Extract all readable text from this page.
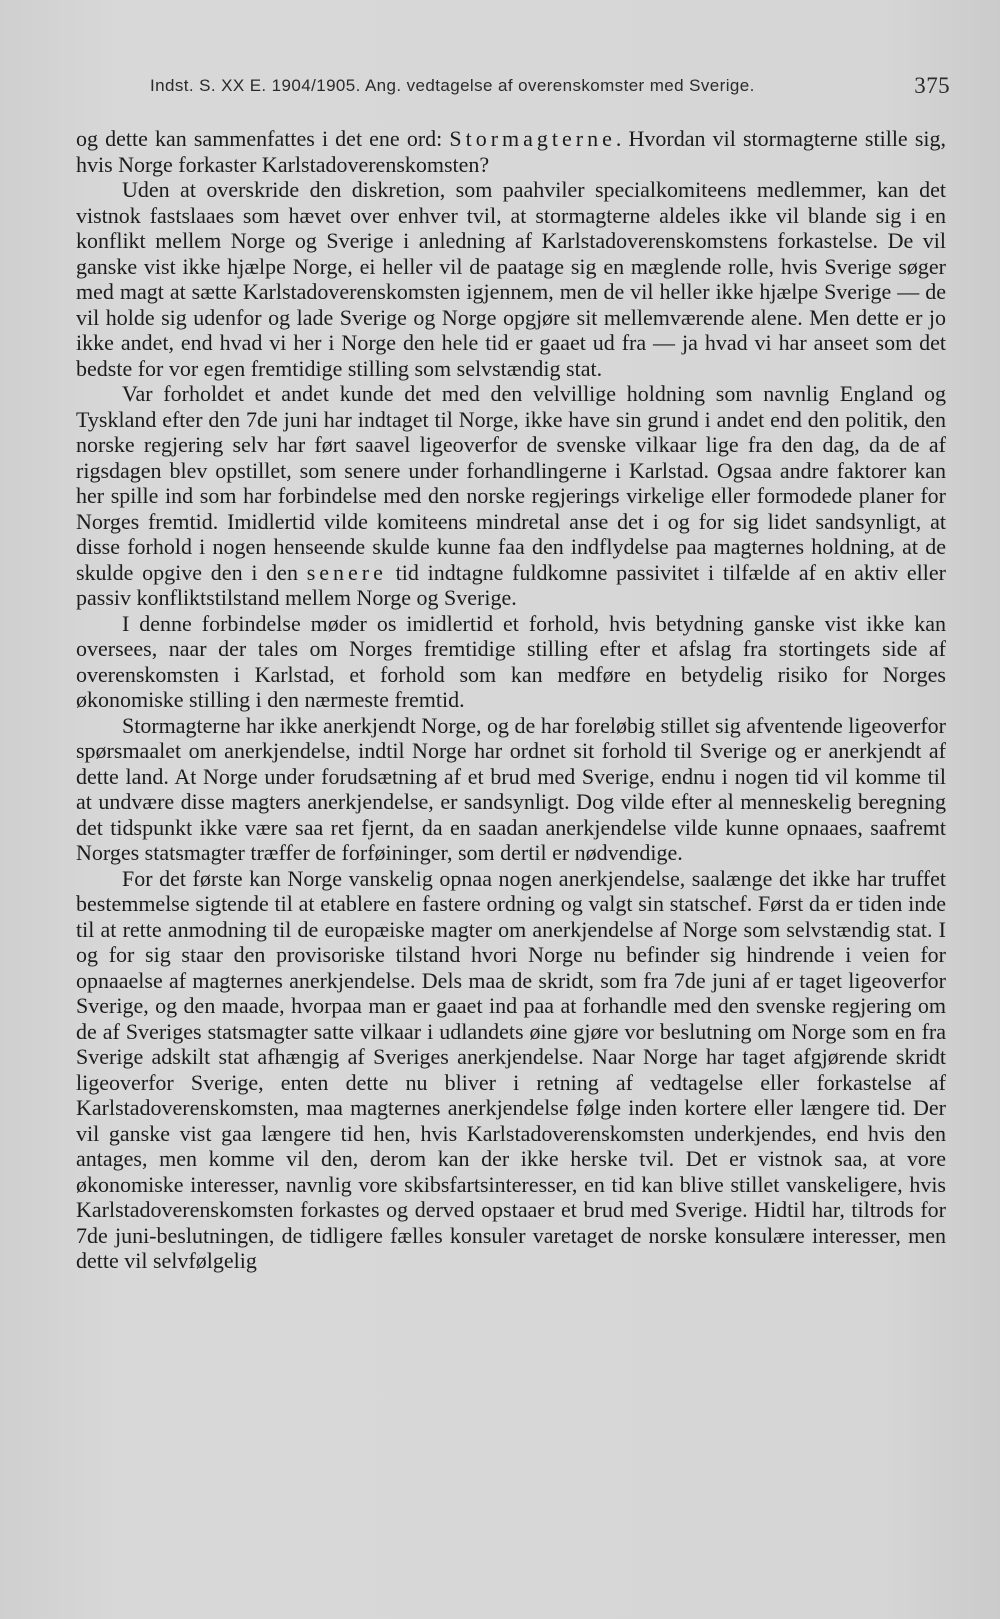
Indst. S. XX E. 1904/1905. Ang. vedtagelse af overenskomster med Sverige.	375

og dette kan sammenfattes i det ene ord: Stormagterne. Hvordan vil stormagterne stille sig, hvis Norge forkaster Karlstadoverenskomsten?

Uden at overskride den diskretion, som paahviler specialkomiteens medlemmer, kan det vistnok fastslaaes som hævet over enhver tvil, at stormagterne aldeles ikke vil blande sig i en konflikt mellem Norge og Sverige i anledning af Karlstadoverenskomstens forkastelse. De vil ganske vist ikke hjælpe Norge, ei heller vil de paatage sig en mæglende rolle, hvis Sverige søger med magt at sætte Karlstadoverenskomsten igjennem, men de vil heller ikke hjælpe Sverige — de vil holde sig udenfor og lade Sverige og Norge opgjøre sit mellemværende alene. Men dette er jo ikke andet, end hvad vi her i Norge den hele tid er gaaet ud fra — ja hvad vi har anseet som det bedste for vor egen fremtidige stilling som selvstændig stat.

Var forholdet et andet kunde det med den velvillige holdning som navnlig England og Tyskland efter den 7de juni har indtaget til Norge, ikke have sin grund i andet end den politik, den norske regjering selv har ført saavel ligeoverfor de svenske vilkaar lige fra den dag, da de af rigsdagen blev opstillet, som senere under forhandlingerne i Karlstad. Ogsaa andre faktorer kan her spille ind som har forbindelse med den norske regjerings virkelige eller formodede planer for Norges fremtid. Imidlertid vilde komiteens mindretal anse det i og for sig lidet sandsynligt, at disse forhold i nogen henseende skulde kunne faa den indflydelse paa magternes holdning, at de skulde opgive den i den senere tid indtagne fuldkomne passivitet i tilfælde af en aktiv eller passiv konfliktstilstand mellem Norge og Sverige.

I denne forbindelse møder os imidlertid et forhold, hvis betydning ganske vist ikke kan oversees, naar der tales om Norges fremtidige stilling efter et afslag fra stortingets side af overenskomsten i Karlstad, et forhold som kan medføre en betydelig risiko for Norges økonomiske stilling i den nærmeste fremtid.

Stormagterne har ikke anerkjendt Norge, og de har foreløbig stillet sig afventende ligeoverfor spørsmaalet om anerkjendelse, indtil Norge har ordnet sit forhold til Sverige og er anerkjendt af dette land. At Norge under forudsætning af et brud med Sverige, endnu i nogen tid vil komme til at undvære disse magters anerkjendelse, er sandsynligt. Dog vilde efter al menneskelig beregning det tidspunkt ikke være saa ret fjernt, da en saadan anerkjendelse vilde kunne opnaaes, saafremt Norges statsmagter træffer de forføininger, som dertil er nødvendige.

For det første kan Norge vanskelig opnaa nogen anerkjendelse, saalænge det ikke har truffet bestemmelse sigtende til at etablere en fastere ordning og valgt sin statschef. Først da er tiden inde til at rette anmodning til de europæiske magter om anerkjendelse af Norge som selvstændig stat. I og for sig staar den provisoriske tilstand hvori Norge nu befinder sig hindrende i veien for opnaaelse af magternes anerkjendelse. Dels maa de skridt, som fra 7de juni af er taget ligeoverfor Sverige, og den maade, hvorpaa man er gaaet ind paa at forhandle med den svenske regjering om de af Sveriges statsmagter satte vilkaar i udlandets øine gjøre vor beslutning om Norge som en fra Sverige adskilt stat afhængig af Sveriges anerkjendelse. Naar Norge har taget afgjørende skridt ligeoverfor Sverige, enten dette nu bliver i retning af vedtagelse eller forkastelse af Karlstadoverenskomsten, maa magternes anerkjendelse følge inden kortere eller længere tid. Der vil ganske vist gaa længere tid hen, hvis Karlstadoverenskomsten underkjendes, end hvis den antages, men komme vil den, derom kan der ikke herske tvil. Det er vistnok saa, at vore økonomiske interesser, navnlig vore skibsfartsinteresser, en tid kan blive stillet vanskeligere, hvis Karlstadoverenskomsten forkastes og derved opstaaer et brud med Sverige. Hidtil har, tiltrods for 7de juni-beslutningen, de tidligere fælles konsuler varetaget de norske konsulære interesser, men dette vil selvfølgelig
